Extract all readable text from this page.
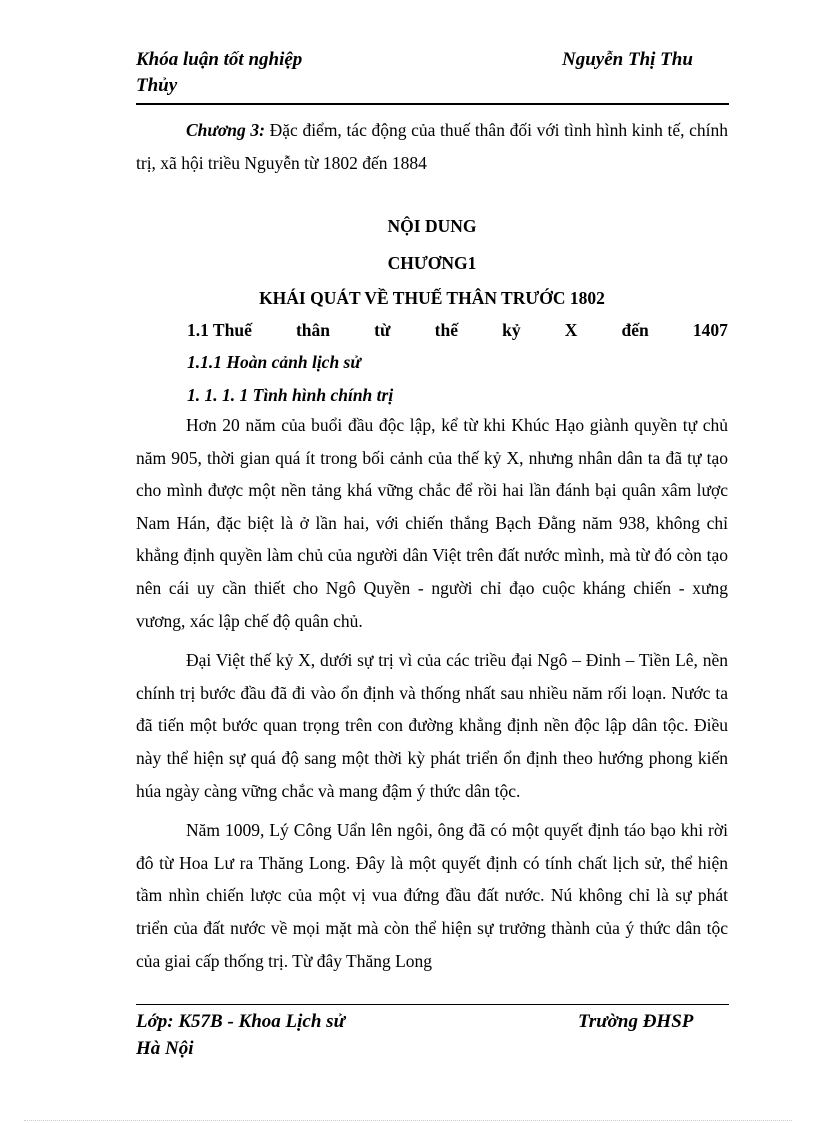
Khóa luận tốt nghiệp	Nguyễn Thị Thu
Thủy

Chương 3: Đặc điểm, tác động của thuế thân đối với tình hình kinh tế, chính trị, xã hội triều Nguyễn từ 1802 đến 1884

NỘI DUNG
CHƯƠNG1
KHÁI QUÁT VỀ THUẾ THÂN TRƯỚC 1802
1.1 Thuế	thân	từ	thế	kỷ	X	đến	1407
1.1.1 Hoàn cảnh lịch sử
1. 1. 1. 1 Tình hình chính trị

Hơn 20 năm của buổi đầu độc lập, kể từ khi Khúc Hạo giành quyền tự chủ năm 905, thời gian quá ít trong bối cảnh của thế kỷ X, nhưng nhân dân ta đã tự tạo cho mình được một nền tảng khá vững chắc để rồi hai lần đánh bại quân xâm lược Nam Hán, đặc biệt là ở lần hai, với chiến thắng Bạch Đằng năm 938, không chỉ khẳng định quyền làm chủ của người dân Việt trên đất nước mình, mà từ đó còn tạo nên cái uy cần thiết cho Ngô Quyền - người chỉ đạo cuộc kháng chiến - xưng vương, xác lập chế độ quân chủ.

Đại Việt thế kỷ X, dưới sự trị vì của các triều đại Ngô – Đinh – Tiền Lê, nền chính trị bước đầu đã đi vào ổn định và thống nhất sau nhiều năm rối loạn. Nước ta đã tiến một bước quan trọng trên con đường khẳng định nền độc lập dân tộc. Điều này thể hiện sự quá độ sang một thời kỳ phát triển ổn định theo hướng phong kiến húa ngày càng vững chắc và mang đậm ý thức dân tộc.

Năm 1009, Lý Công Uẩn lên ngôi, ông đã có một quyết định táo bạo khi rời đô từ Hoa Lư ra Thăng Long. Đây là một quyết định có tính chất lịch sử, thể hiện tầm nhìn chiến lược của một vị vua đứng đầu đất nước. Nú không chỉ là sự phát triển của đất nước về mọi mặt mà còn thể hiện sự trưởng thành của ý thức dân tộc của giai cấp thống trị. Từ đây Thăng Long

Lớp: K57B - Khoa Lịch sử	Trường ĐHSP
Hà Nội
